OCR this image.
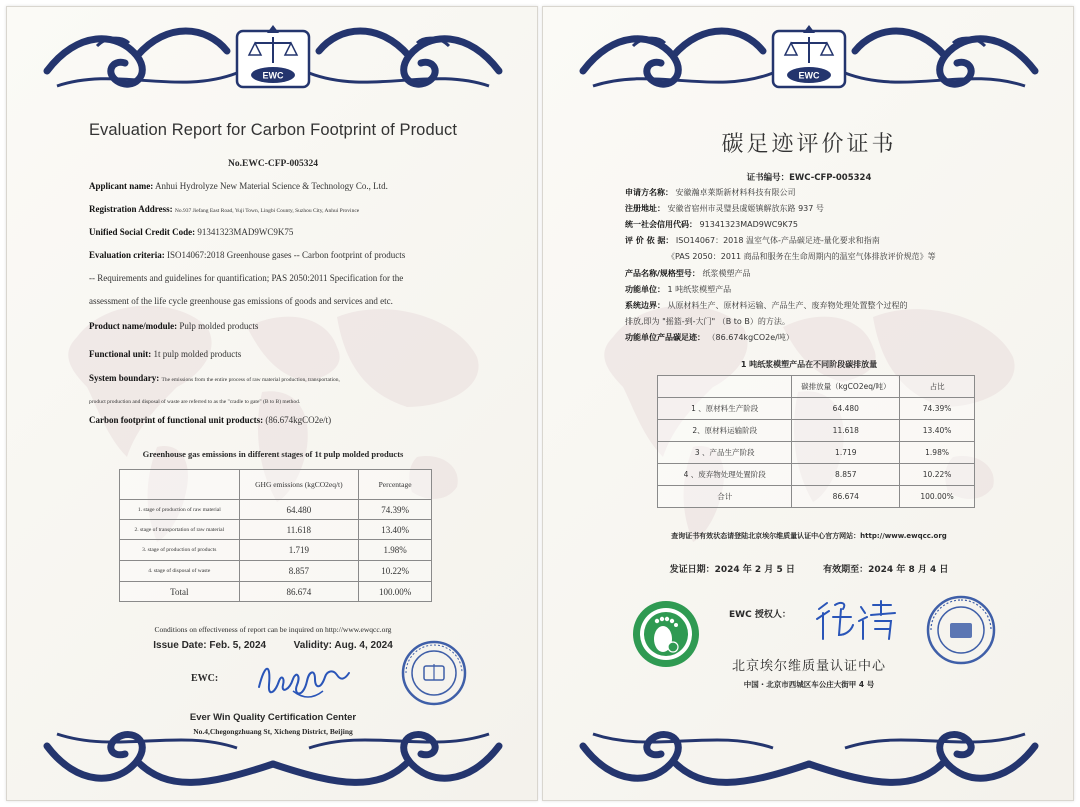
EWC
Evaluation Report for Carbon Footprint of Product
No.EWC-CFP-005324
Applicant name: Anhui Hydrolyze New Material Science & Technology Co., Ltd.
Registration Address: No.937 Jiefang East Road, Yuji Town, Lingbi County, Suzhou City, Anhui Province
Unified Social Credit Code: 91341323MAD9WC9K75
Evaluation criteria: ISO14067:2018 Greenhouse gases -- Carbon footprint of products
-- Requirements and guidelines for quantification; PAS 2050:2011 Specification for the
assessment of the life cycle greenhouse gas emissions of goods and services and etc.
Product name/module: Pulp molded products
Functional unit: 1t pulp molded products
System boundary: The emissions from the entire process of raw material production, transportation,
product production and disposal of waste are referred to as the "cradle to gate" (B to B) method.
Carbon footprint of functional unit products: (86.674kgCO2e/t)
Greenhouse gas emissions in different stages of 1t pulp molded products
	GHG emissions (kgCO2eq/t)	Percentage
1. stage of production of raw material	64.480	74.39%
2. stage of transportation of raw material	11.618	13.40%
3. stage of production of products	1.719	1.98%
4. stage of disposal of waste	8.857	10.22%
Total	86.674	100.00%
Conditions on effectiveness of report can be inquired on http://www.ewqcc.org
Issue Date: Feb. 5, 2024	Validity: Aug. 4, 2024
EWC:
Ever Win Quality Certification Center
No.4,Chegongzhuang St, Xicheng District, Beijing
EWC
碳足迹评价证书
证书编号：EWC-CFP-005324
申请方名称： 安徽瀚卓莱斯新材料科技有限公司
注册地址： 安徽省宿州市灵璧县虞姬镇解放东路 937 号
统一社会信用代码： 91341323MAD9WC9K75
评 价 依 据： ISO14067：2018 温室气体-产品碳足迹-量化要求和指南
《PAS 2050：2011 商品和服务在生命周期内的温室气体排放评价规范》等
产品名称/规格型号： 纸浆模塑产品
功能单位： 1 吨纸浆模塑产品
系统边界： 从原材料生产、原材料运输、产品生产、废弃物处理处置整个过程的
排放,即为 "摇篮-到-大门" （B to B）的方法。
功能单位产品碳足迹： （86.674kgCO2e/吨）
1 吨纸浆模塑产品在不同阶段碳排放量
	碳排放量（kgCO2eq/吨）	占比
1 、原材料生产阶段	64.480	74.39%
2、原材料运输阶段	11.618	13.40%
3 、产品生产阶段	1.719	1.98%
4 、废弃物处理处置阶段	8.857	10.22%
合计	86.674	100.00%
查询证书有效状态请登陆北京埃尔维质量认证中心官方网站：http://www.ewqcc.org
发证日期：2024 年 2 月 5 日	有效期至：2024 年 8 月 4 日
EWC 授权人：
北京埃尔维质量认证中心
中国・北京市西城区车公庄大街甲 4 号
